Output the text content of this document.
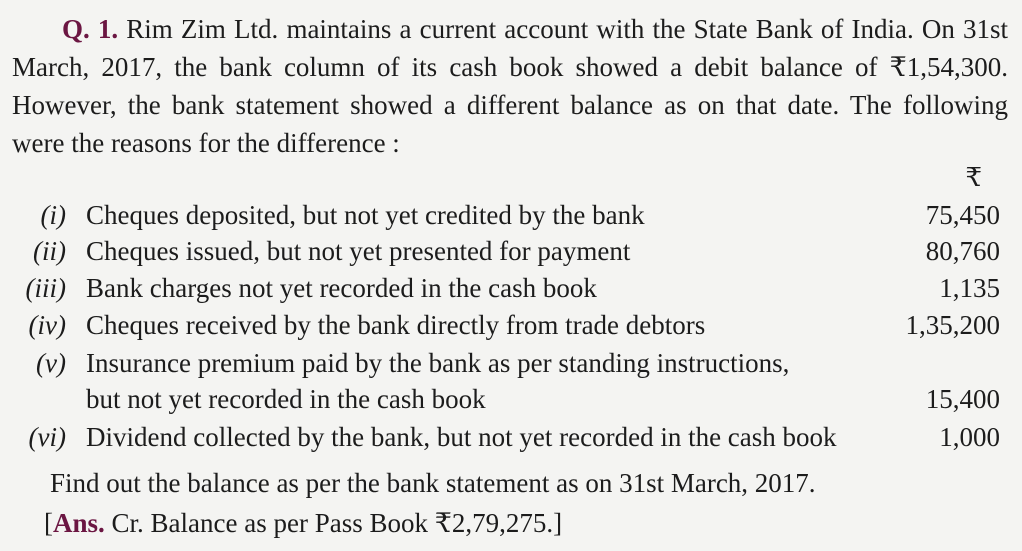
Q. 1. Rim Zim Ltd. maintains a current account with the State Bank of India. On 31st March, 2017, the bank column of its cash book showed a debit balance of ₹1,54,300. However, the bank statement showed a different balance as on that date. The following were the reasons for the difference :
₹
(i) Cheques deposited, but not yet credited by the bank	75,450
(ii) Cheques issued, but not yet presented for payment	80,760
(iii) Bank charges not yet recorded in the cash book	1,135
(iv) Cheques received by the bank directly from trade debtors	1,35,200
(v) Insurance premium paid by the bank as per standing instructions,
but not yet recorded in the cash book	15,400
(vi) Dividend collected by the bank, but not yet recorded in the cash book	1,000
Find out the balance as per the bank statement as on 31st March, 2017.
[Ans. Cr. Balance as per Pass Book ₹2,79,275.]
